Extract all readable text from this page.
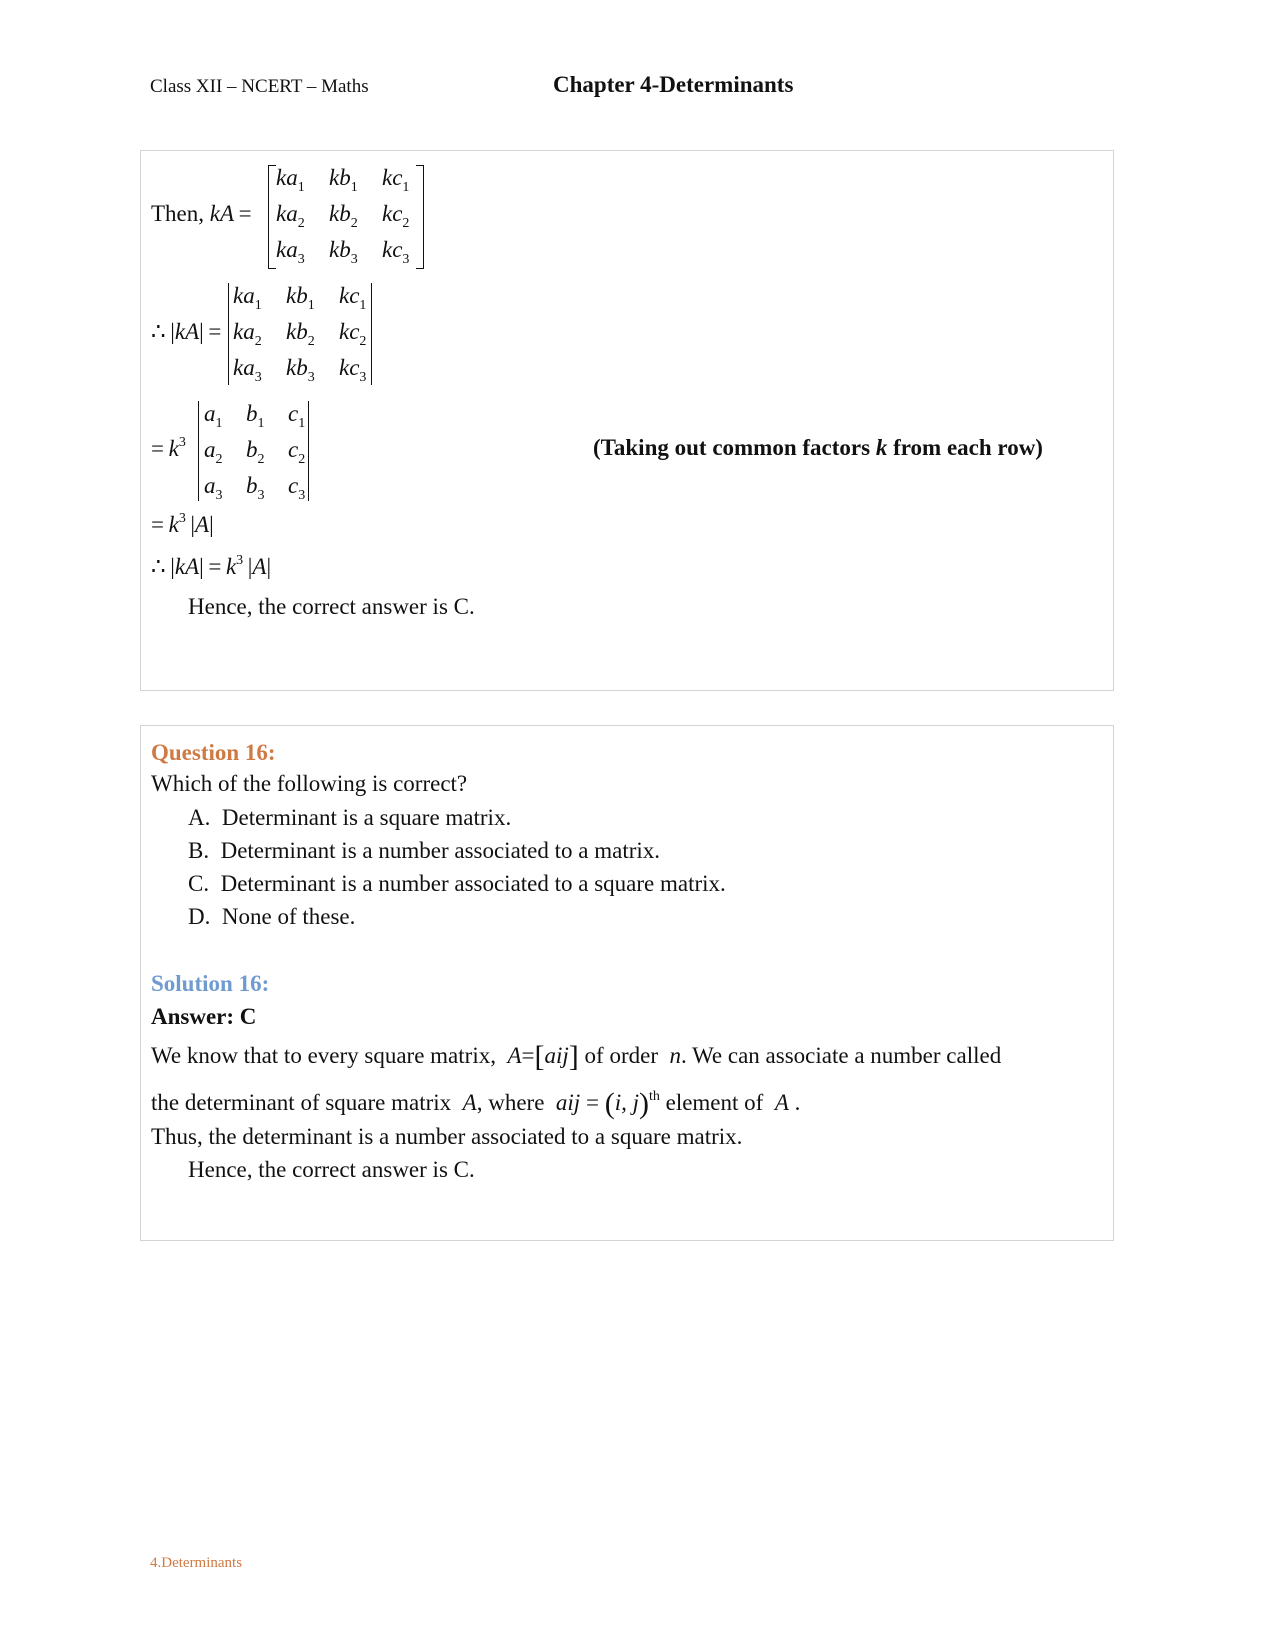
Class XII – NCERT – Maths	Chapter 4-Determinants
Then, kA  =
∴ |kA| =
=  $k^3$	(Taking out common factors k from each row)
=  $k^3$ |A|
∴ $|kA| = k^3$ |A|
Hence, the correct answer is C.
$ka_1$ $kb_1$ $kc_1$
$ka_2$ $kb_2$ $kc_2$
$ka_3$ $kb_3$ $kc_3$
$ka_1$ $kb_1$ $kc_1$
$ka_2$ $kb_2$ $kc_2$
$ka_3$ $kb_3$ $kc_3$
$a_1$ $b_1$ $c_1$
$a_2$ $b_2$ $c_2$
$a_3$ $b_3$ $c_3$
Question 16:
Which of the following is correct?
A. Determinant is a square matrix.
B. Determinant is a number associated to a matrix.
C. Determinant is a number associated to a square matrix.
D. None of these.
Solution 16:
Answer: C
We know that to every square matrix, A=[aij] of order n. We can associate a number called
the determinant of square matrix A, where aij = (i, j)$^{th}$ element of A .
Thus, the determinant is a number associated to a square matrix.
Hence, the correct answer is C.
4.Determinants
